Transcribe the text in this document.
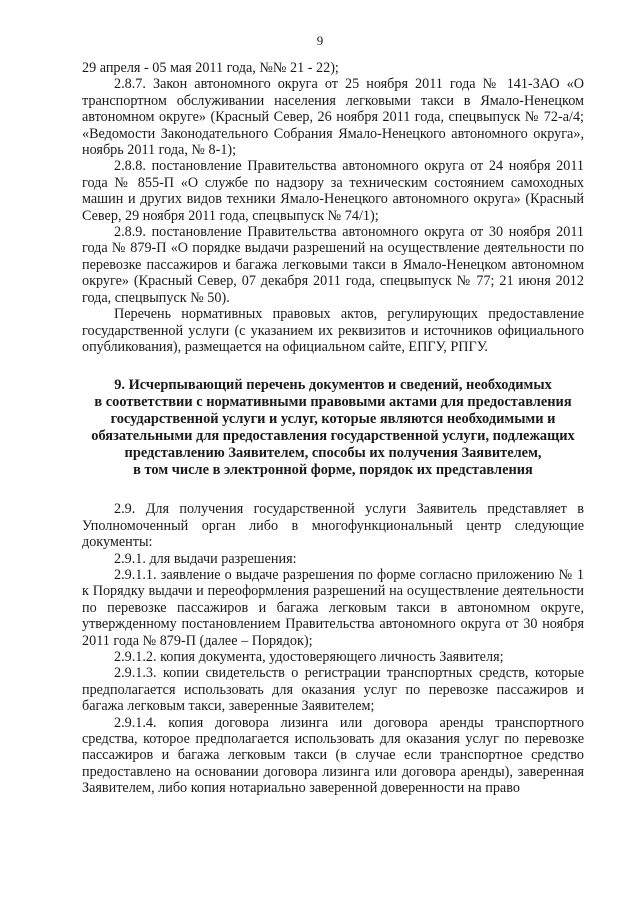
9

29 апреля - 05 мая 2011 года, №№ 21 - 22);

2.8.7. Закон автономного округа от 25 ноября 2011 года № 141-ЗАО «О транспортном обслуживании населения легковыми такси в Ямало-Ненецком автономном округе» (Красный Север, 26 ноября 2011 года, спецвыпуск № 72-а/4; «Ведомости Законодательного Собрания Ямало-Ненецкого автономного округа», ноябрь 2011 года, № 8-1);

2.8.8. постановление Правительства автономного округа от 24 ноября 2011 года № 855-П «О службе по надзору за техническим состоянием самоходных машин и других видов техники Ямало-Ненецкого автономного округа» (Красный Север, 29 ноября 2011 года, спецвыпуск № 74/1);

2.8.9. постановление Правительства автономного округа от 30 ноября 2011 года № 879-П «О порядке выдачи разрешений на осуществление деятельности по перевозке пассажиров и багажа легковыми такси в Ямало-Ненецком автономном округе» (Красный Север, 07 декабря 2011 года, спецвыпуск № 77; 21 июня 2012 года, спецвыпуск № 50).

Перечень нормативных правовых актов, регулирующих предоставление государственной услуги (с указанием их реквизитов и источников официального опубликования), размещается на официальном сайте, ЕПГУ, РПГУ.

9. Исчерпывающий перечень документов и сведений, необходимых
в соответствии с нормативными правовыми актами для предоставления
государственной услуги и услуг, которые являются необходимыми и
обязательными для предоставления государственной услуги, подлежащих
представлению Заявителем, способы их получения Заявителем,
в том числе в электронной форме, порядок их представления

2.9. Для получения государственной услуги Заявитель представляет в Уполномоченный орган либо в многофункциональный центр следующие документы:

2.9.1. для выдачи разрешения:

2.9.1.1. заявление о выдаче разрешения по форме согласно приложению № 1 к Порядку выдачи и переоформления разрешений на осуществление деятельности по перевозке пассажиров и багажа легковым такси в автономном округе, утвержденному постановлением Правительства автономного округа от 30 ноября 2011 года № 879-П (далее – Порядок);

2.9.1.2. копия документа, удостоверяющего личность Заявителя;

2.9.1.3. копии свидетельств о регистрации транспортных средств, которые предполагается использовать для оказания услуг по перевозке пассажиров и багажа легковым такси, заверенные Заявителем;

2.9.1.4. копия договора лизинга или договора аренды транспортного средства, которое предполагается использовать для оказания услуг по перевозке пассажиров и багажа легковым такси (в случае если транспортное средство предоставлено на основании договора лизинга или договора аренды), заверенная Заявителем, либо копия нотариально заверенной доверенности на право
